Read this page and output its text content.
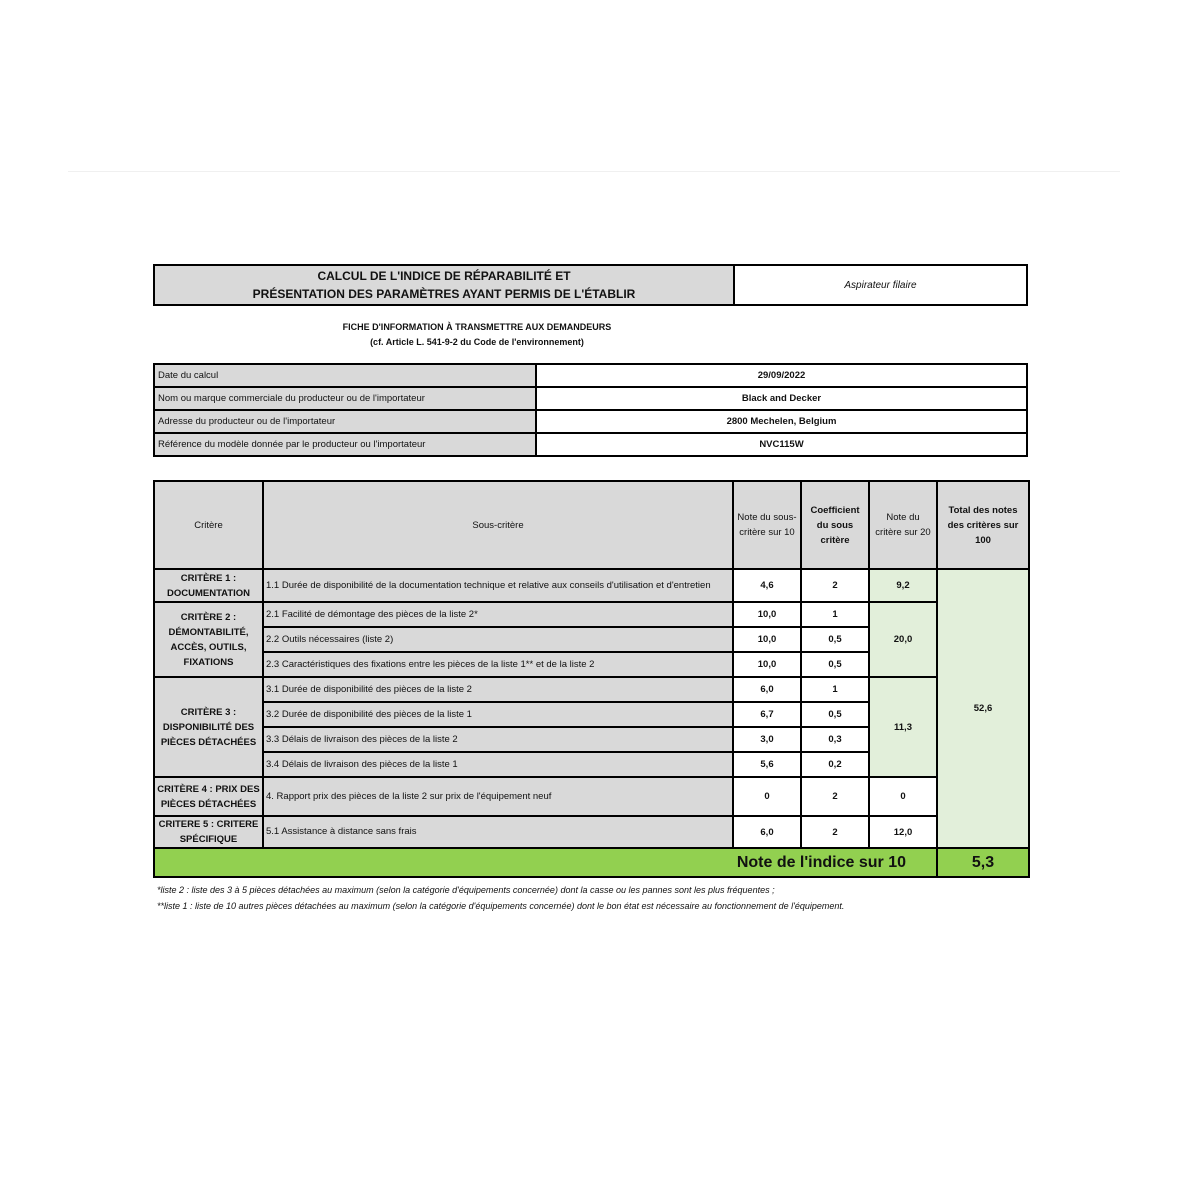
CALCUL DE L'INDICE DE RÉPARABILITÉ ET
PRÉSENTATION DES PARAMÈTRES AYANT PERMIS DE L'ÉTABLIR
Aspirateur filaire
FICHE D'INFORMATION À TRANSMETTRE AUX DEMANDEURS
(cf. Article L. 541-9-2 du Code de l'environnement)
Date du calcul	29/09/2022
Nom ou marque commerciale du producteur ou de l'importateur	Black and Decker
Adresse du producteur ou de l'importateur	2800 Mechelen, Belgium
Référence du modèle donnée par le producteur ou l'importateur	NVC115W
Critère	Sous-critère	Note du sous-critère sur 10	Coefficient du sous critère	Note du critère sur 20	Total des notes des critères sur 100
CRITÈRE 1 : DOCUMENTATION	1.1 Durée de disponibilité de la documentation technique et relative aux conseils d'utilisation et d'entretien	4,6	2	9,2	52,6
CRITÈRE 2 : DÉMONTABILITÉ, ACCÈS, OUTILS, FIXATIONS	2.1 Facilité de démontage des pièces de la liste 2*	10,0	1	20,0	
	2.2 Outils nécessaires (liste 2)	10,0	0,5		
	2.3 Caractéristiques des fixations entre les pièces de la liste 1** et de la liste 2	10,0	0,5		
CRITÈRE 3 : DISPONIBILITÉ DES PIÈCES DÉTACHÉES	3.1 Durée de disponibilité des pièces de la liste 2	6,0	1	11,3	
	3.2 Durée de disponibilité des pièces de la liste 1	6,7	0,5		
	3.3 Délais de livraison des pièces de la liste 2	3,0	0,3		
	3.4 Délais de livraison des pièces de la liste 1	5,6	0,2		
CRITÈRE 4 : PRIX DES PIÈCES DÉTACHÉES	4. Rapport prix des pièces de la liste 2 sur prix de l'équipement neuf	0	2	0	
CRITERE 5 : CRITERE SPÉCIFIQUE	5.1 Assistance à distance sans frais	6,0	2	12,0	
Note de l'indice sur 10					5,3
*liste 2 : liste des 3 à 5 pièces détachées au maximum (selon la catégorie d'équipements concernée) dont la casse ou les pannes sont les plus fréquentes ;
**liste 1 : liste de 10 autres pièces détachées au maximum (selon la catégorie d'équipements concernée) dont le bon état est nécessaire au fonctionnement de l'équipement.
